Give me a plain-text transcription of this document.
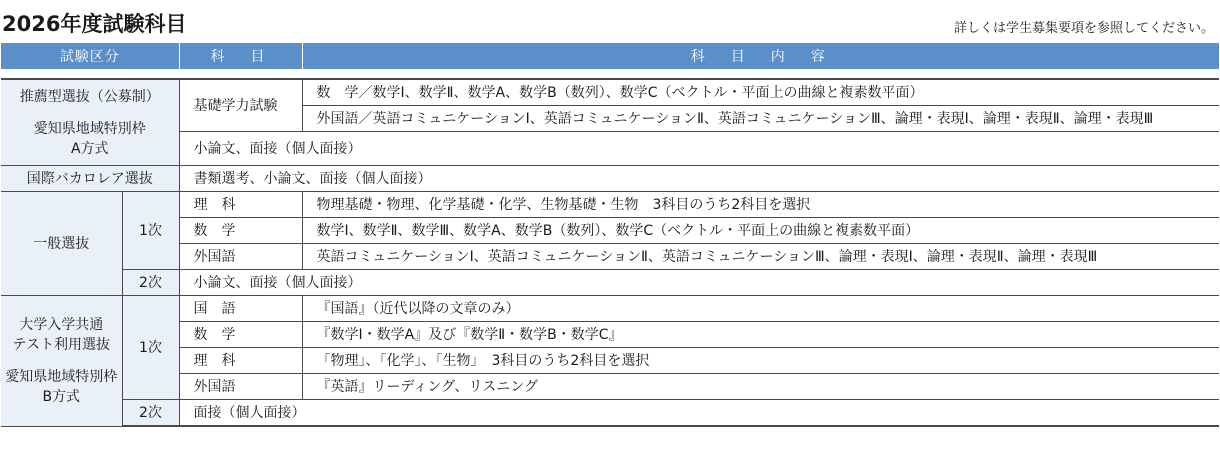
2026年度試験科目	詳しくは学生募集要項を参照してください。
試験区分		科　目	科　目　内　容

推薦型選抜（公募制）
愛知県地域特別枠
A方式		基礎学力試験	数　学／数学Ⅰ、数学Ⅱ、数学A、数学B（数列）、数学C（ベクトル・平面上の曲線と複素数平面）
			外国語／英語コミュニケーションⅠ、英語コミュニケーションⅡ、英語コミュニケーションⅢ、論理・表現Ⅰ、論理・表現Ⅱ、論理・表現Ⅲ
		小論文、面接（個人面接）	
国際バカロレア選抜		書類選考、小論文、面接（個人面接）	
一般選抜	1次	理　科	物理基礎・物理、化学基礎・化学、生物基礎・生物　3科目のうち2科目を選択
		数　学	数学Ⅰ、数学Ⅱ、数学Ⅲ、数学A、数学B（数列）、数学C（ベクトル・平面上の曲線と複素数平面）
		外国語	英語コミュニケーションⅠ、英語コミュニケーションⅡ、英語コミュニケーションⅢ、論理・表現Ⅰ、論理・表現Ⅱ、論理・表現Ⅲ
	2次	小論文、面接（個人面接）	
大学入学共通
テスト利用選抜
愛知県地域特別枠
B方式	1次	国　語	『国語』（近代以降の文章のみ）
		数　学	『数学Ⅰ・数学A』及び『数学Ⅱ・数学B・数学C』
		理　科	「物理」、「化学」、「生物」　3科目のうち2科目を選択
		外国語	『英語』リーディング、リスニング
	2次	面接（個人面接）	
